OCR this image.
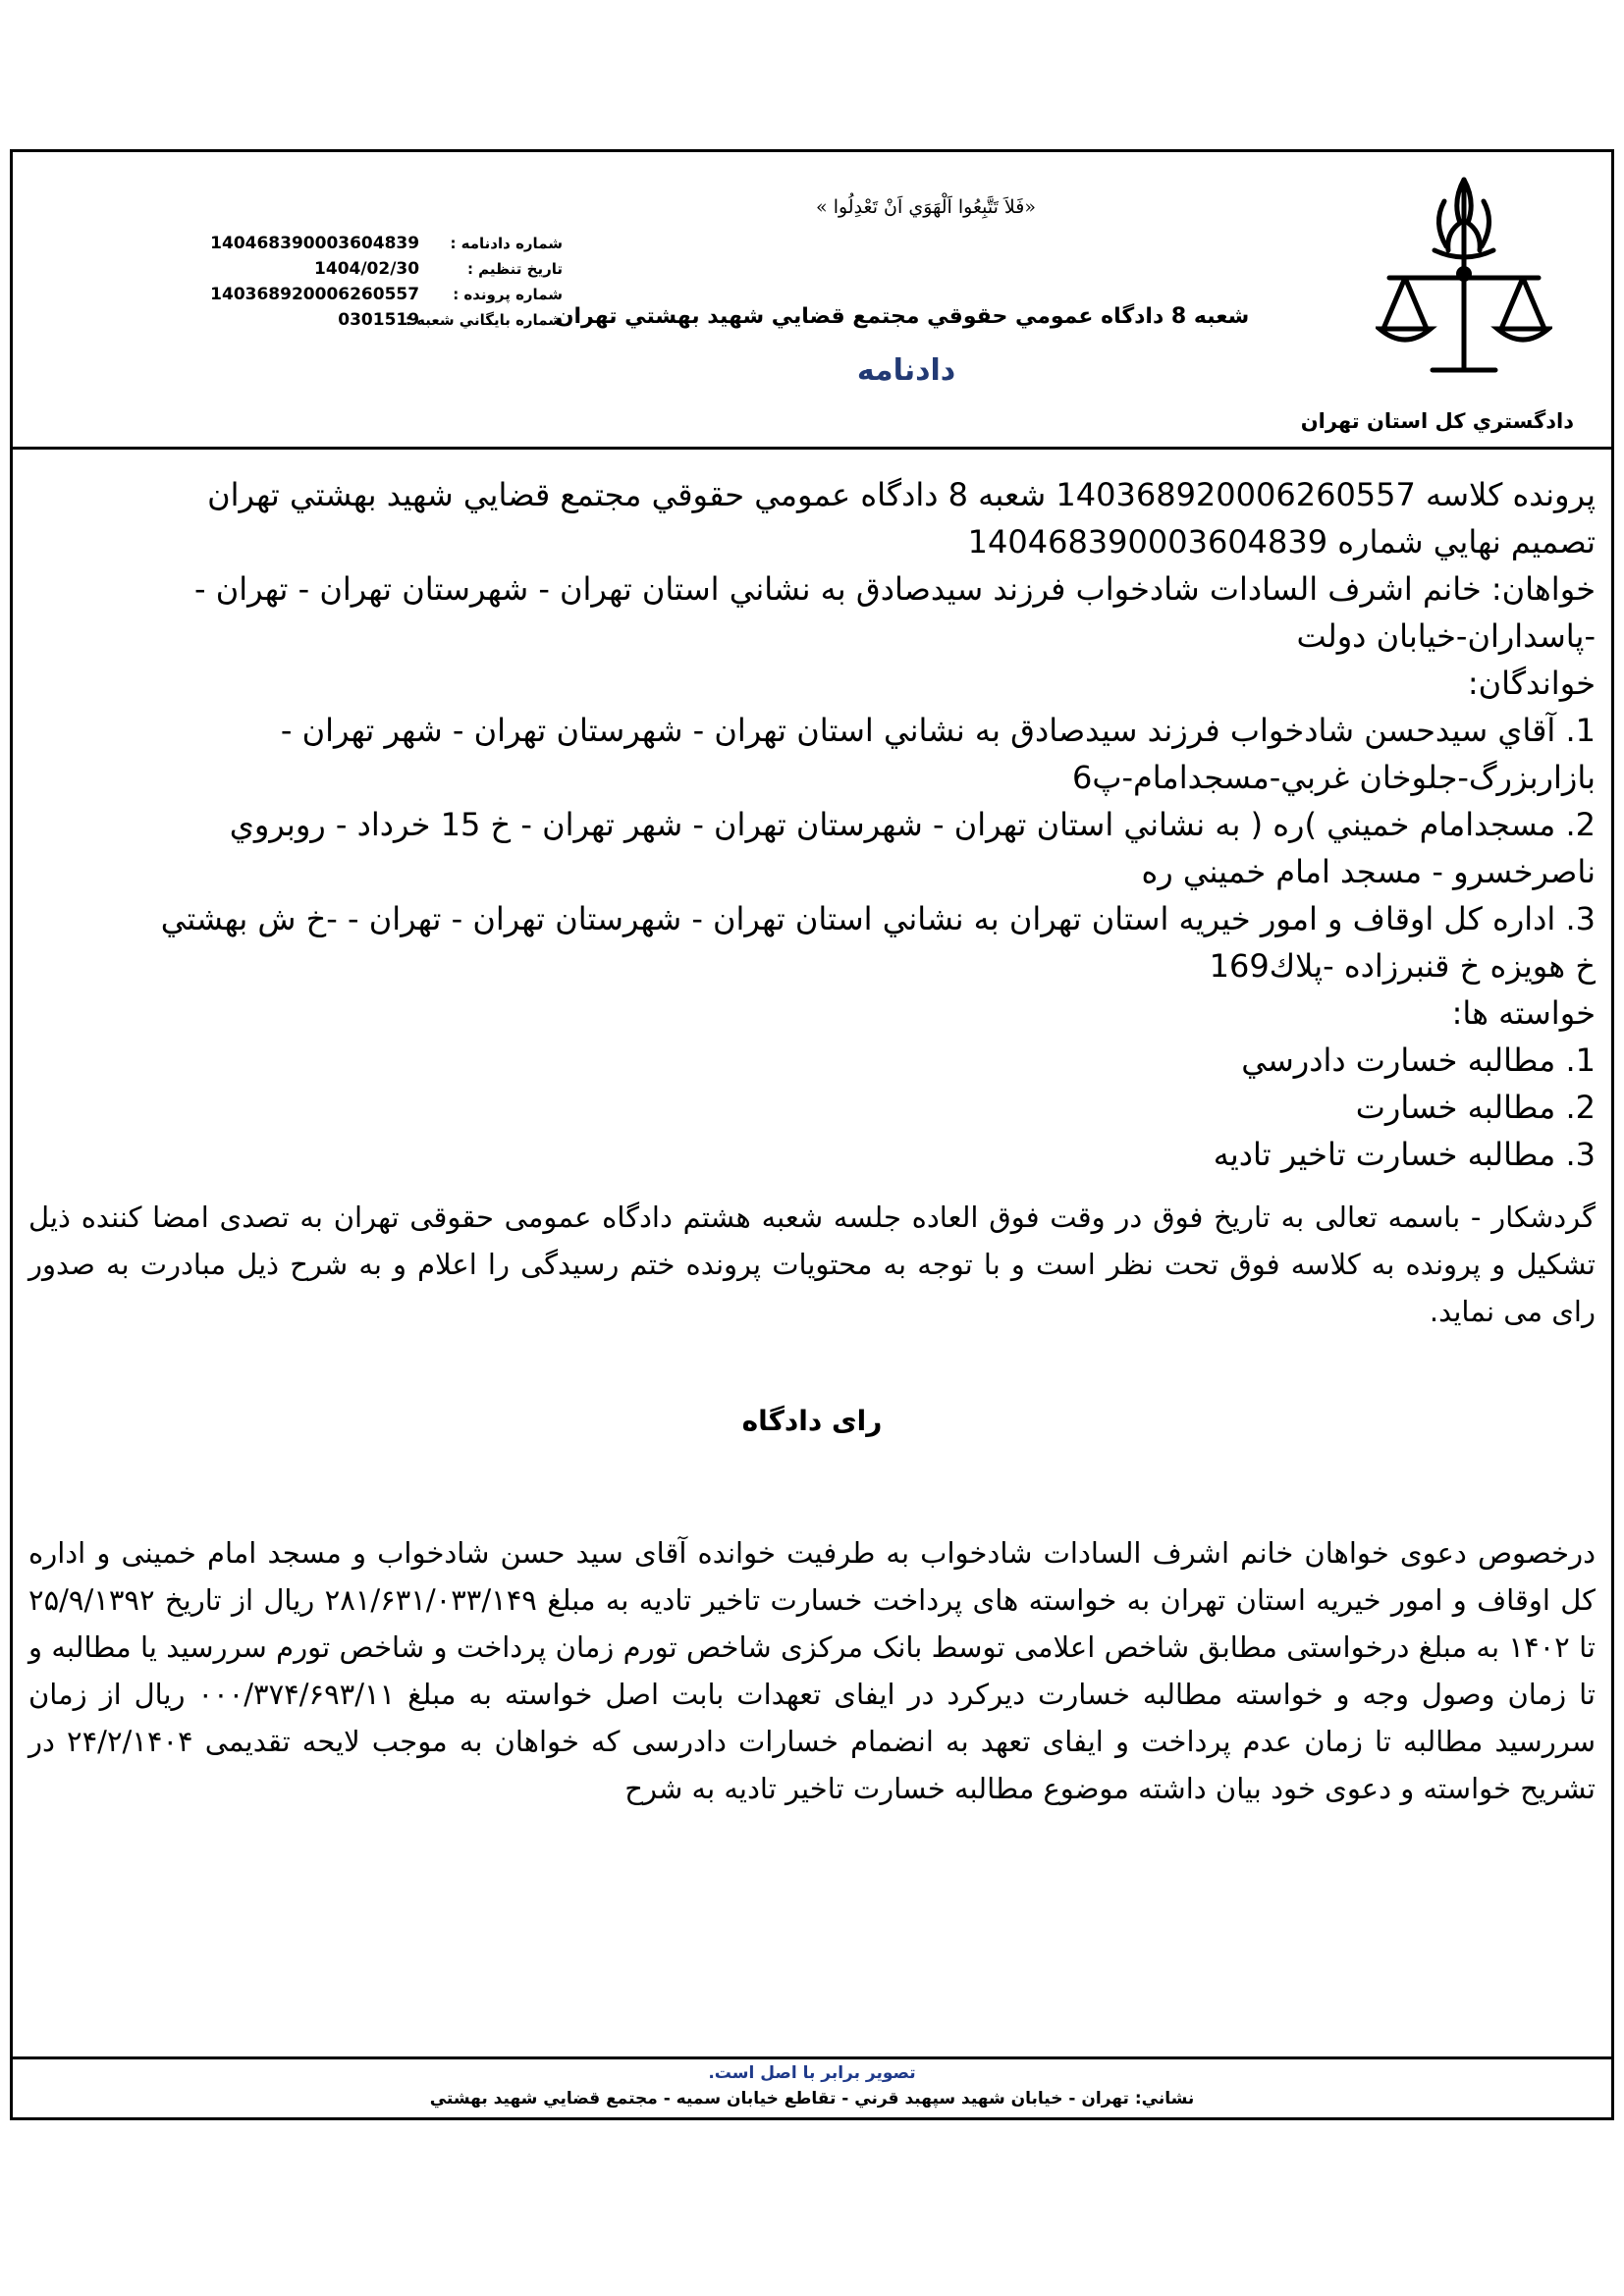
دادگستري كل استان تهران
«فَلاَ تَتَّبِعُوا اَلْهَوَي اَنْ تَعْدِلُوا »
شعبه 8 دادگاه عمومي حقوقي مجتمع قضايي شهيد بهشتي تهران
دادنامه
شماره دادنامه : 140468390003604839
تاريخ تنظيم : 1404/02/30
شماره پرونده : 140368920006260557
شماره بايگاني شعبه : 0301519
پرونده كلاسه 140368920006260557 شعبه 8 دادگاه عمومي حقوقي مجتمع قضايي شهيد بهشتي تهران
تصميم نهايي شماره 140468390003604839
خواهان: خانم اشرف السادات شادخواب فرزند سيدصادق به نشاني استان تهران - شهرستان تهران - تهران -
-پاسداران-خيابان دولت
خواندگان:
1. آقاي سيدحسن شادخواب فرزند سيدصادق به نشاني استان تهران - شهرستان تهران - شهر تهران -
بازاربزرگ-جلوخان غربي-مسجدامام-پ6
2. مسجدامام خميني )ره ( به نشاني استان تهران - شهرستان تهران - شهر تهران - خ 15 خرداد - روبروي
ناصرخسرو - مسجد امام خميني ره
3. اداره كل اوقاف و امور خيريه استان تهران به نشاني استان تهران - شهرستان تهران - تهران - -خ ش بهشتي
خ هويزه خ قنبرزاده -پلاك169
خواسته ها:
1. مطالبه خسارت دادرسي
2. مطالبه خسارت
3. مطالبه خسارت تاخير تاديه
گردشكار - باسمه تعالی به تاریخ فوق در وقت فوق العاده جلسه شعبه هشتم دادگاه عمومی حقوقی تهران به تصدی امضا کننده ذیل تشکیل و پرونده به کلاسه فوق تحت نظر است و با توجه به محتویات پرونده ختم رسیدگی را اعلام و به شرح ذیل مبادرت به صدور رای می نماید.
رای دادگاه
درخصوص دعوی خواهان خانم اشرف السادات شادخواب به طرفیت خوانده آقای سید حسن شادخواب و مسجد امام خمینی و اداره کل اوقاف و امور خیریه استان تهران به خواسته های پرداخت خسارت تاخیر تادیه به مبلغ ۲۸۱/۶۳۱/۰۳۳/۱۴۹ ریال از تاریخ ۲۵/۹/۱۳۹۲ تا ۱۴۰۲ به مبلغ درخواستی مطابق شاخص اعلامی توسط بانک مرکزی شاخص تورم زمان پرداخت و شاخص تورم سررسید یا مطالبه و تا زمان وصول وجه و خواسته مطالبه خسارت دیرکرد در ایفای تعهدات بابت اصل خواسته به مبلغ ۰۰۰/۳۷۴/۶۹۳/۱۱ ریال از زمان سررسید مطالبه تا زمان عدم پرداخت و ایفای تعهد به انضمام خسارات دادرسی که خواهان به موجب لایحه تقدیمی ۲۴/۲/۱۴۰۴ در تشریح خواسته و دعوی خود بیان داشته موضوع مطالبه خسارت تاخیر تادیه به شرح
تصوير برابر با اصل است.
نشاني: تهران - خيابان شهيد سپهبد قرني - تقاطع خيابان سميه - مجتمع قضايي شهيد بهشتي
